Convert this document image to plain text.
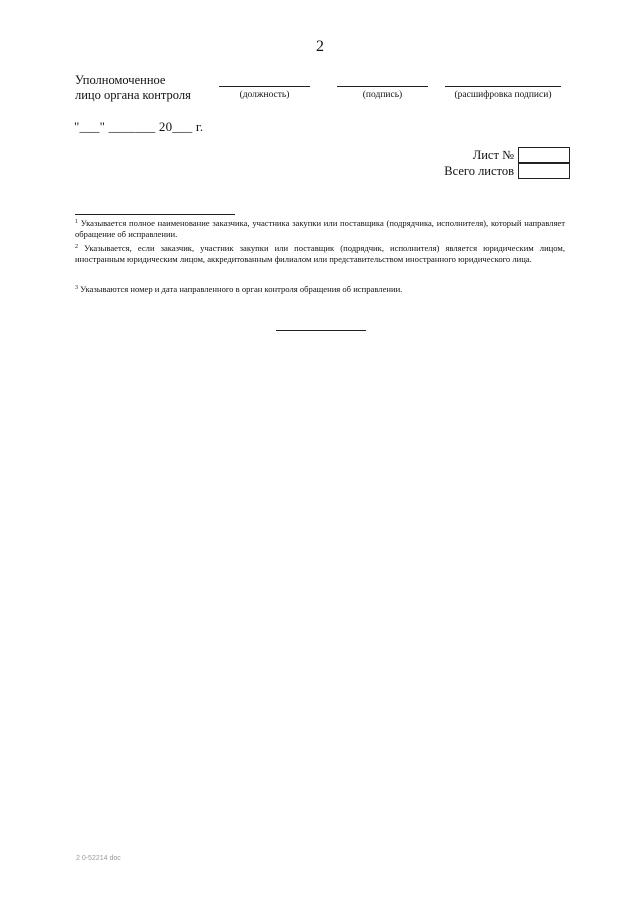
2
Уполномоченное
лицо органа контроля	(должность)	(подпись)	(расшифровка подписи)
"___" _______ 20___ г.
Лист №
Всего листов
$^1$ Указывается полное наименование заказчика, участника закупки или поставщика (подрядчика, исполнителя), который направляет обращение об исправлении.
$^2$ Указывается, если заказчик, участник закупки или поставщик (подрядчик, исполнителя) является юридическим лицом, иностранным юридическим лицом, аккредитованным филиалом или представительством иностранного юридического лица.
$^3$ Указываются номер и дата направленного в орган контроля обращения об исправлении.
2 0-52214 doc
